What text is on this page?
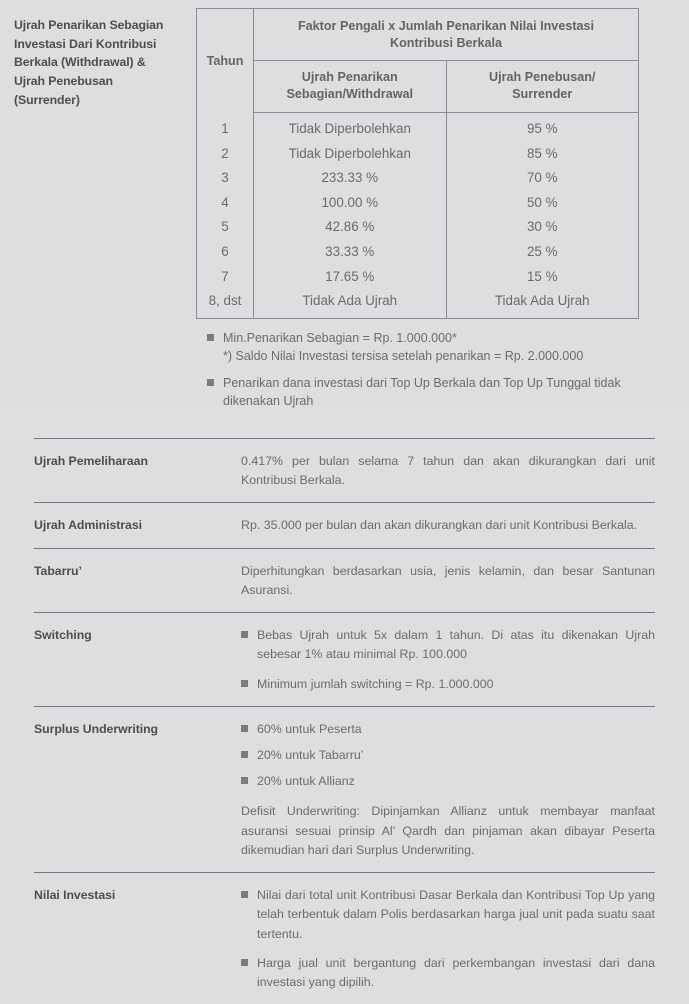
Ujrah Penarikan Sebagian
Investasi Dari Kontribusi
Berkala (Withdrawal) &
Ujrah Penebusan
(Surrender)
Tahun	Faktor Pengali x Jumlah Penarikan Nilai Investasi
Kontribusi Berkala	

Ujrah Penarikan
Sebagian/Withdrawal

Ujrah Penebusan/
Surrender

1	Tidak Diperbolehkan	95 %
2	Tidak Diperbolehkan	85 %
3	233.33 %	70 %
4	100.00 %	50 %
5	42.86 %	30 %
6	33.33 %	25 %
7	17.65 %	15 %
8, dst	Tidak Ada Ujrah	Tidak Ada Ujrah
Min.Penarikan Sebagian = Rp. 1.000.000*
*) Saldo Nilai Investasi tersisa setelah penarikan = Rp. 2.000.000
Penarikan dana investasi dari Top Up Berkala dan Top Up Tunggal tidak dikenakan Ujrah
Ujrah Pemeliharaan	0.417% per bulan selama 7 tahun dan akan dikurangkan dari unit Kontribusi Berkala.

Ujrah Administrasi	Rp. 35.000 per bulan dan akan dikurangkan dari unit Kontribusi Berkala.

Tabarru’	Diperhitungkan berdasarkan usia, jenis kelamin, dan besar Santunan Asuransi.

Switching	Bebas Ujrah untuk 5x dalam 1 tahun. Di atas itu dikenakan Ujrah sebesar 1% atau minimal Rp. 100.000
Minimum jumlah switching = Rp. 1.000.000
Surplus Underwriting	60% untuk Peserta
20% untuk Tabarru’
20% untuk Allianz

Defisit Underwriting: Dipinjamkan Allianz untuk membayar manfaat asuransi sesuai prinsip Al’ Qardh dan pinjaman akan dibayar Peserta dikemudian hari dari Surplus Underwriting.

Nilai Investasi	Nilai dari total unit Kontribusi Dasar Berkala dan Kontribusi Top Up yang telah terbentuk dalam Polis berdasarkan harga jual unit pada suatu saat tertentu.
Harga jual unit bergantung dari perkembangan investasi dari dana investasi yang dipilih.
